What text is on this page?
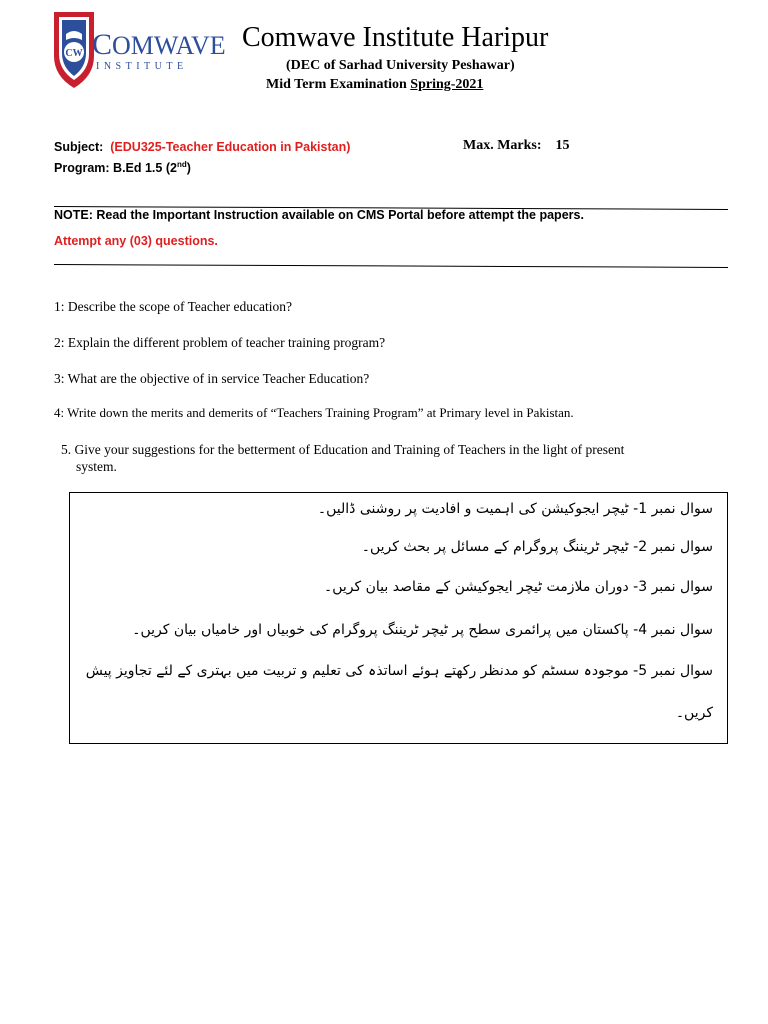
CW COMWAVE
INSTITUTE
Comwave Institute Haripur
(DEC of Sarhad University Peshawar)
Mid Term Examination Spring-2021
Subject: (EDU325-Teacher Education in Pakistan)
Program: B.Ed 1.5 (2nd)
Max. Marks: 15
NOTE: Read the Important Instruction available on CMS Portal before attempt the papers.
Attempt any (03) questions.
1: Describe the scope of Teacher education?
2: Explain the different problem of teacher training program?
3: What are the objective of in service Teacher Education?
4: Write down the merits and demerits of “Teachers Training Program” at Primary level in Pakistan.
5. Give your suggestions for the betterment of Education and Training of Teachers in the light of present
system.
سوال نمبر 1- ٹیچر ایجوکیشن کی اہمیت و افادیت پر روشنی ڈالیں۔
سوال نمبر 2- ٹیچر ٹریننگ پروگرام کے مسائل پر بحث کریں۔
سوال نمبر 3- دوران ملازمت ٹیچر ایجوکیشن کے مقاصد بیان کریں۔
سوال نمبر 4- پاکستان میں پرائمری سطح پر ٹیچر ٹریننگ پروگرام کی خوبیاں اور خامیاں بیان کریں۔
سوال نمبر 5- موجودہ سسٹم کو مدنظر رکھتے ہوئے اساتذہ کی تعلیم و تربیت میں بہتری کے لئے تجاویز پیش
کریں۔
